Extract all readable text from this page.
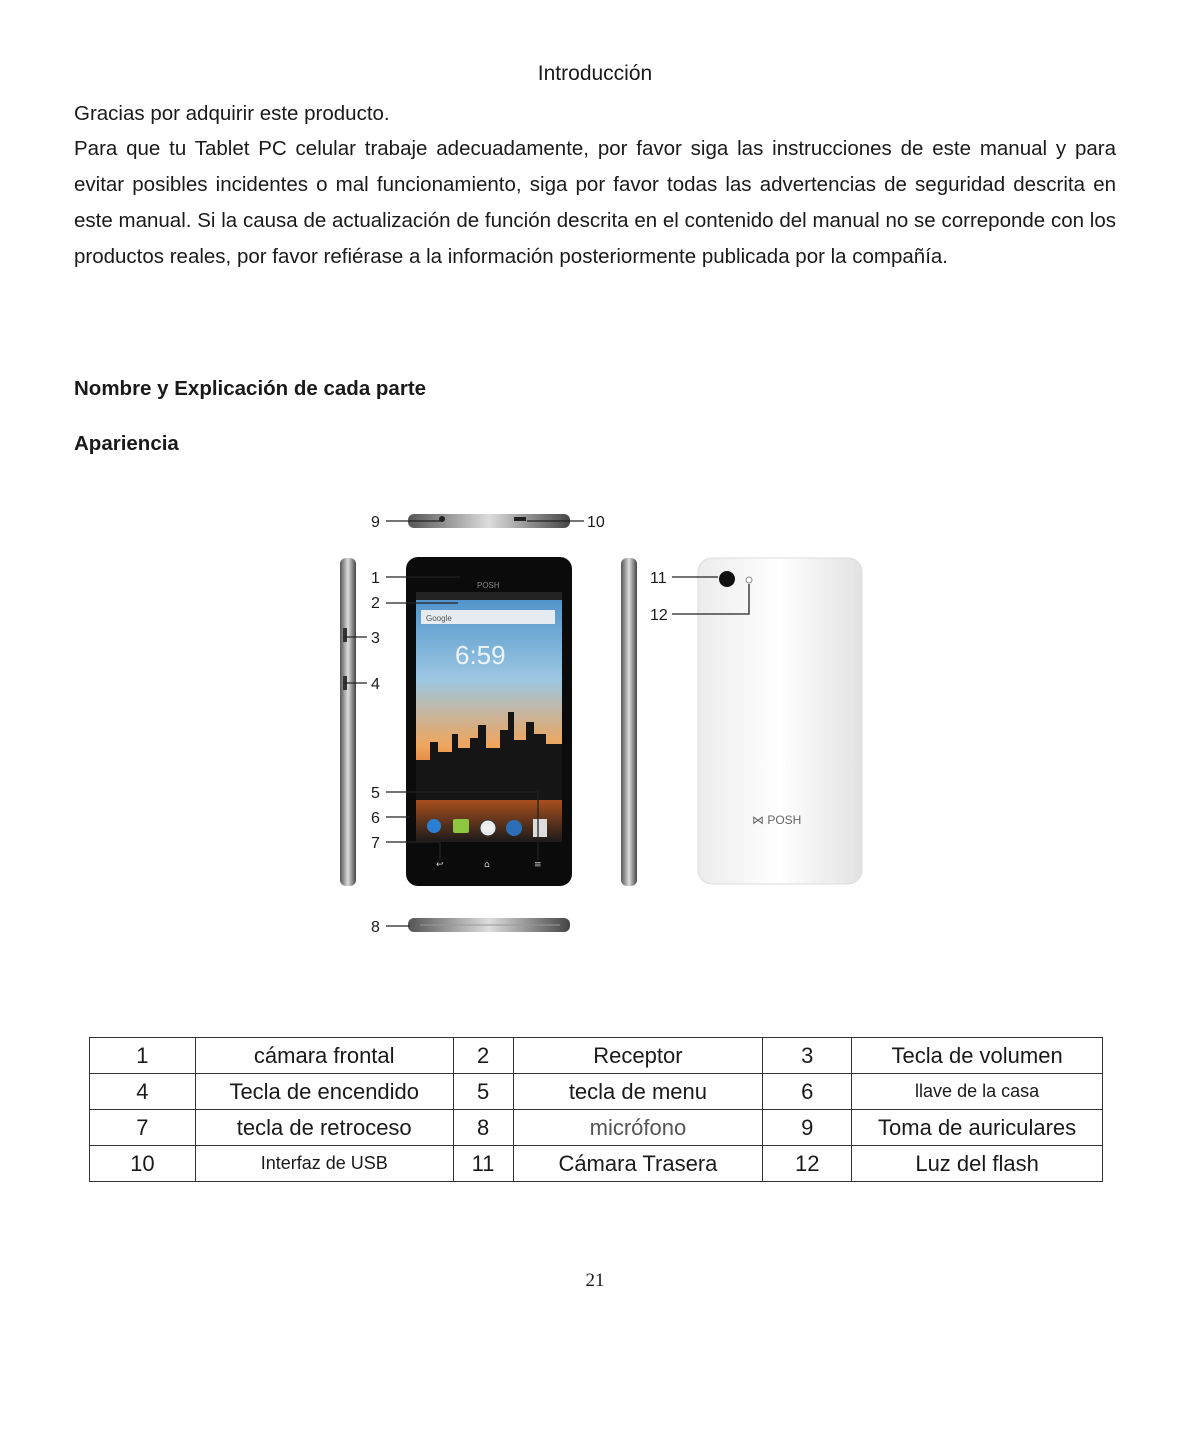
Introducción
Gracias por adquirir este producto.
Para que tu Tablet PC celular trabaje adecuadamente, por favor siga las instrucciones de este manual y para evitar posibles incidentes o mal funcionamiento, siga por favor todas las advertencias de seguridad descrita en este manual. Si la causa de actualización de función descrita en el contenido del manual no se correponde con los productos reales, por favor refiérase a la información posteriormente publicada por la compañía.
Nombre y Explicación de cada parte
Apariencia
Google
6:59
↩	⌂	≡
POSH
⋈ POSH
9	10
1
2
3
4
5
6
7
8
11
12
1	cámara frontal	2	Receptor	3	Tecla de volumen
4	Tecla de encendido	5	tecla de menu	6	llave de la casa
7	tecla de retroceso	8	micrófono	9	Toma de auriculares
10	Interfaz de USB	11	Cámara Trasera	12	Luz del flash
21
